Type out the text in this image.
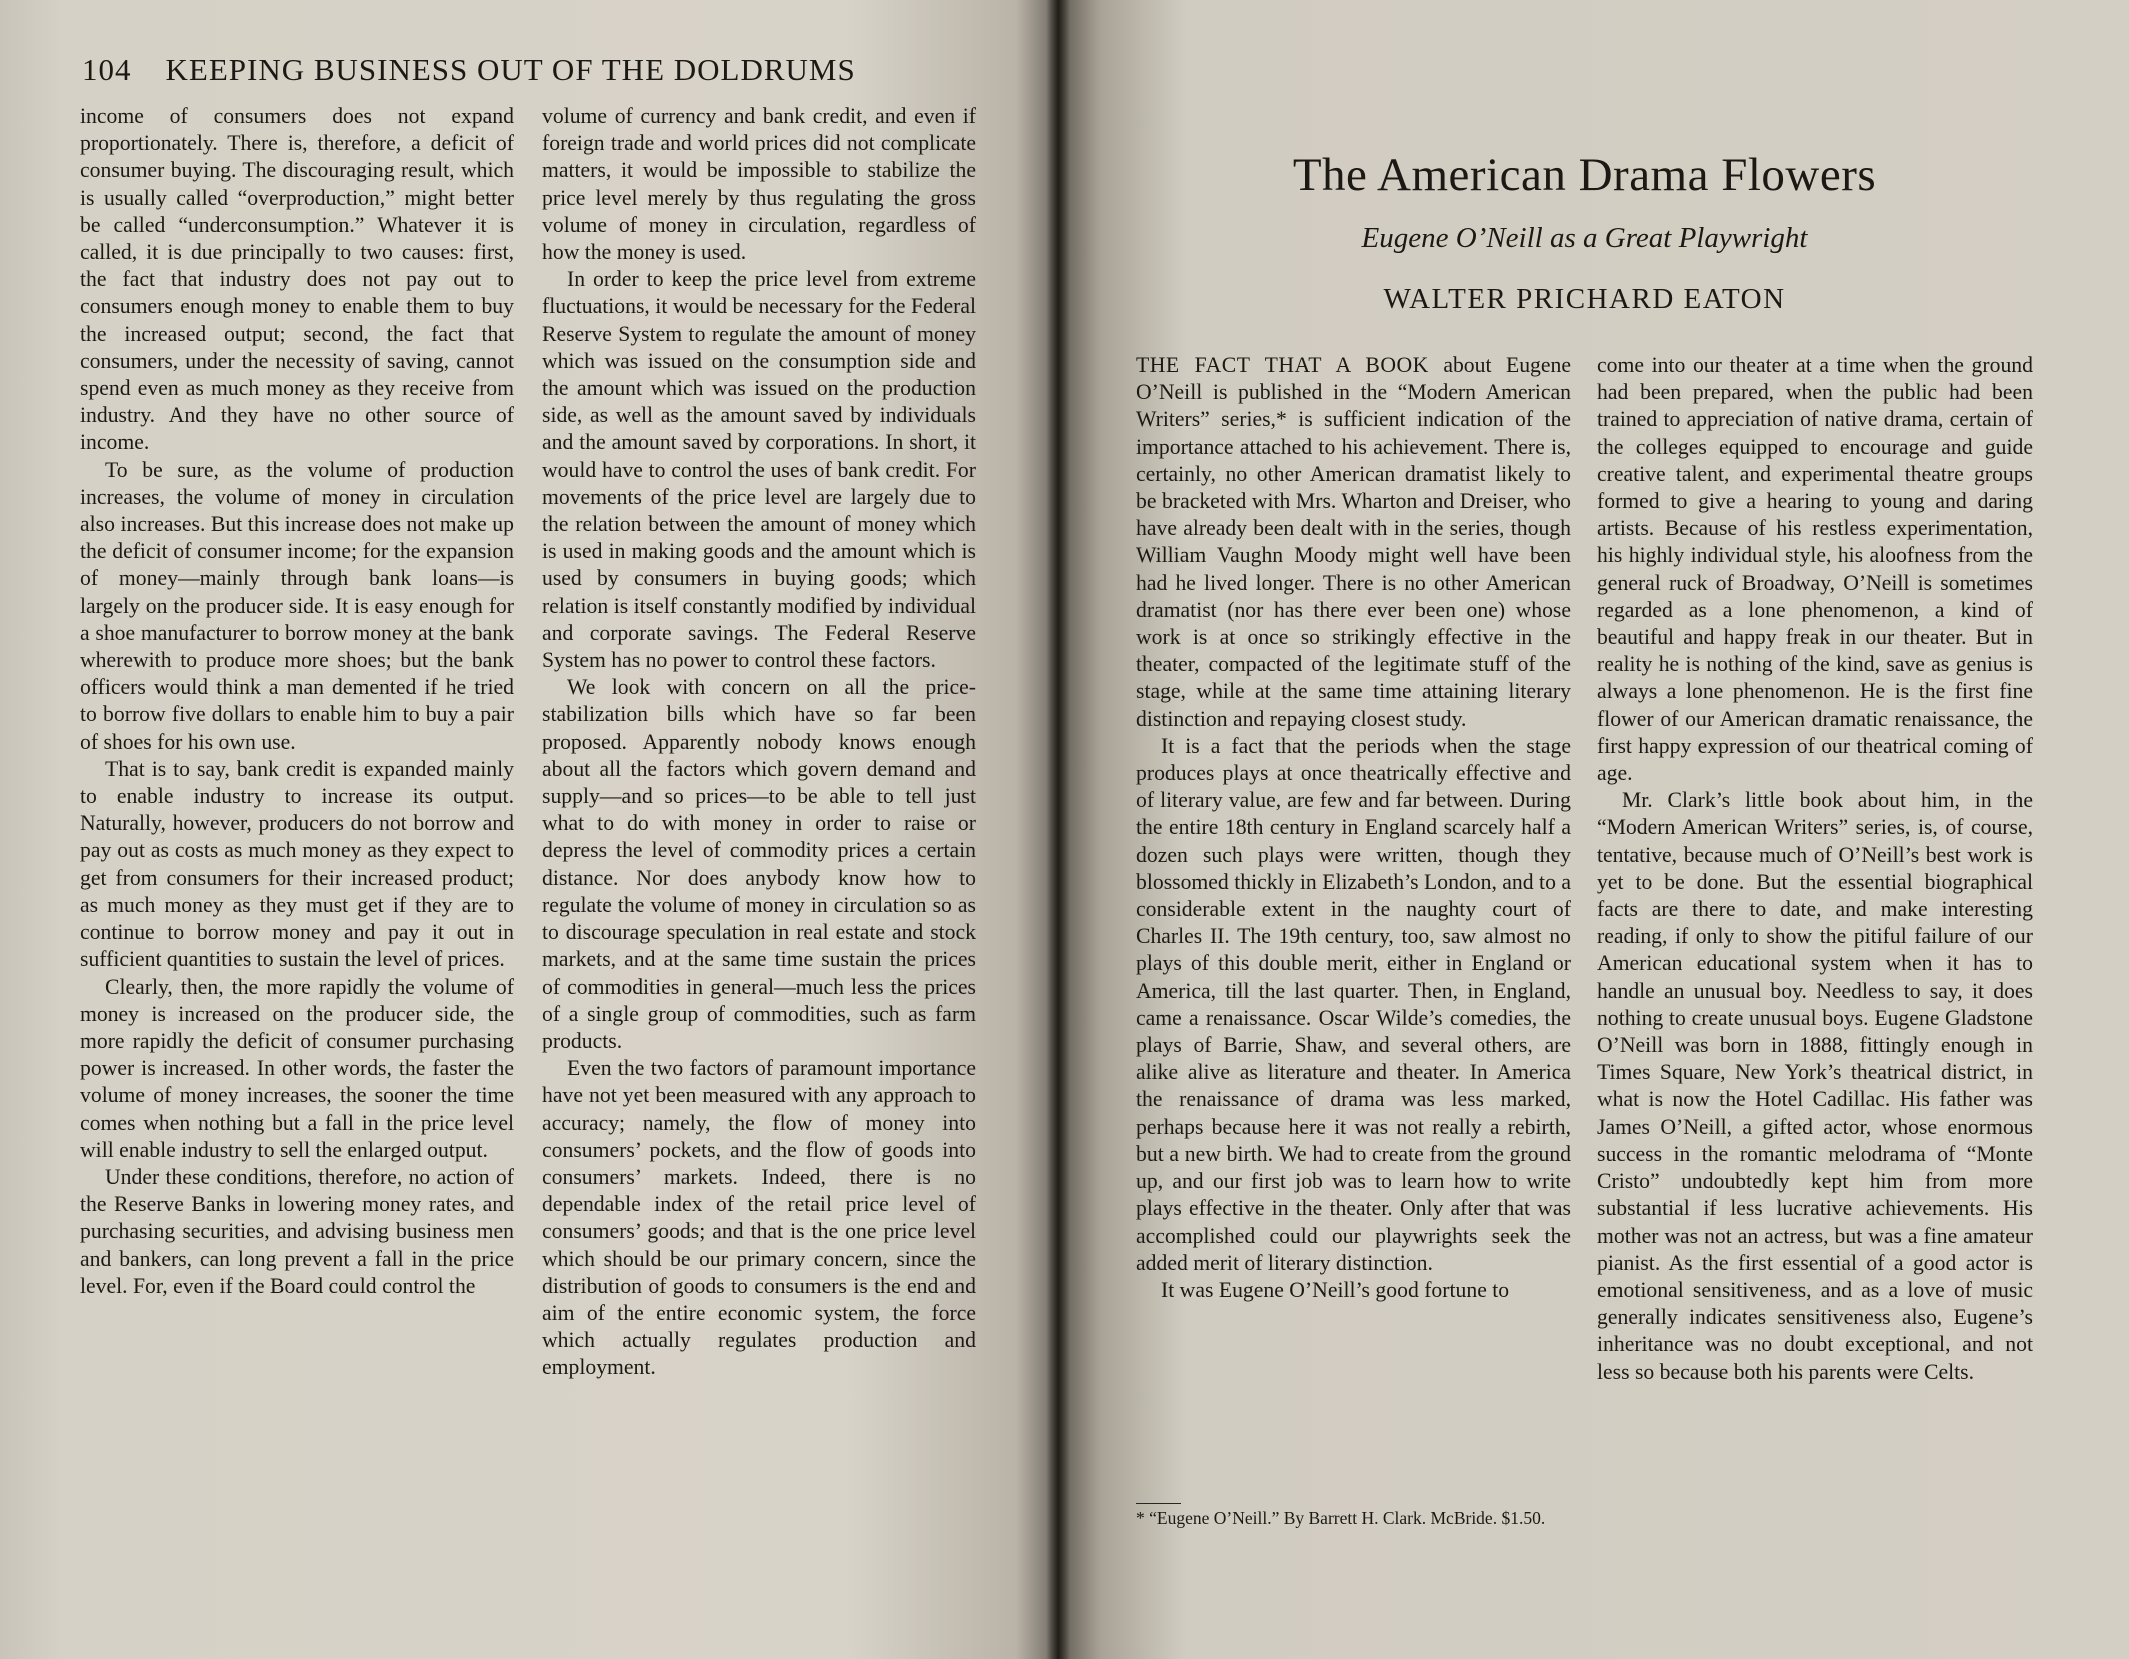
104 KEEPING BUSINESS OUT OF THE DOLDRUMS

income of consumers does not expand proportionately. There is, therefore, a deficit of consumer buying. The discouraging result, which is usually called “overproduction,” might better be called “underconsumption.” Whatever it is called, it is due principally to two causes: first, the fact that industry does not pay out to consumers enough money to enable them to buy the increased output; second, the fact that consumers, under the necessity of saving, cannot spend even as much money as they receive from industry. And they have no other source of income.

To be sure, as the volume of production increases, the volume of money in circulation also increases. But this increase does not make up the deficit of consumer income; for the expansion of money—mainly through bank loans—is largely on the producer side. It is easy enough for a shoe manufacturer to borrow money at the bank wherewith to produce more shoes; but the bank officers would think a man demented if he tried to borrow five dollars to enable him to buy a pair of shoes for his own use.

That is to say, bank credit is expanded mainly to enable industry to increase its output. Naturally, however, producers do not borrow and pay out as costs as much money as they expect to get from consumers for their increased product; as much money as they must get if they are to continue to borrow money and pay it out in sufficient quantities to sustain the level of prices.

Clearly, then, the more rapidly the volume of money is increased on the producer side, the more rapidly the deficit of consumer purchasing power is increased. In other words, the faster the volume of money increases, the sooner the time comes when nothing but a fall in the price level will enable industry to sell the enlarged output.

Under these conditions, therefore, no action of the Reserve Banks in lowering money rates, and purchasing securities, and advising business men and bankers, can long prevent a fall in the price level. For, even if the Board could control the

volume of currency and bank credit, and even if foreign trade and world prices did not complicate matters, it would be impossible to stabilize the price level merely by thus regulating the gross volume of money in circulation, regardless of how the money is used.

In order to keep the price level from extreme fluctuations, it would be necessary for the Federal Reserve System to regulate the amount of money which was issued on the consumption side and the amount which was issued on the production side, as well as the amount saved by individuals and the amount saved by corporations. In short, it would have to control the uses of bank credit. For movements of the price level are largely due to the relation between the amount of money which is used in making goods and the amount which is used by consumers in buying goods; which relation is itself constantly modified by individual and corporate savings. The Federal Reserve System has no power to control these factors.

We look with concern on all the price-stabilization bills which have so far been proposed. Apparently nobody knows enough about all the factors which govern demand and supply—and so prices—to be able to tell just what to do with money in order to raise or depress the level of commodity prices a certain distance. Nor does anybody know how to regulate the volume of money in circulation so as to discourage speculation in real estate and stock markets, and at the same time sustain the prices of commodities in general—much less the prices of a single group of commodities, such as farm products.

Even the two factors of paramount importance have not yet been measured with any approach to accuracy; namely, the flow of money into consumers’ pockets, and the flow of goods into consumers’ markets. Indeed, there is no dependable index of the retail price level of consumers’ goods; and that is the one price level which should be our primary concern, since the distribution of goods to consumers is the end and aim of the entire economic system, the force which actually regulates production and employment.

The American Drama Flowers
Eugene O’Neill as a Great Playwright
WALTER PRICHARD EATON

THE FACT THAT A BOOK about Eugene O’Neill is published in the “Modern American Writers” series,* is sufficient indication of the importance attached to his achievement. There is, certainly, no other American dramatist likely to be bracketed with Mrs. Wharton and Dreiser, who have already been dealt with in the series, though William Vaughn Moody might well have been had he lived longer. There is no other American dramatist (nor has there ever been one) whose work is at once so strikingly effective in the theater, compacted of the legitimate stuff of the stage, while at the same time attaining literary distinction and repaying closest study.

It is a fact that the periods when the stage produces plays at once theatrically effective and of literary value, are few and far between. During the entire 18th century in England scarcely half a dozen such plays were written, though they blossomed thickly in Elizabeth’s London, and to a considerable extent in the naughty court of Charles II. The 19th century, too, saw almost no plays of this double merit, either in England or America, till the last quarter. Then, in England, came a renaissance. Oscar Wilde’s comedies, the plays of Barrie, Shaw, and several others, are alike alive as literature and theater. In America the renaissance of drama was less marked, perhaps because here it was not really a rebirth, but a new birth. We had to create from the ground up, and our first job was to learn how to write plays effective in the theater. Only after that was accomplished could our playwrights seek the added merit of literary distinction.

It was Eugene O’Neill’s good fortune to

* “Eugene O’Neill.” By Barrett H. Clark. McBride. $1.50.

come into our theater at a time when the ground had been prepared, when the public had been trained to appreciation of native drama, certain of the colleges equipped to encourage and guide creative talent, and experimental theatre groups formed to give a hearing to young and daring artists. Because of his restless experimentation, his highly individual style, his aloofness from the general ruck of Broadway, O’Neill is sometimes regarded as a lone phenomenon, a kind of beautiful and happy freak in our theater. But in reality he is nothing of the kind, save as genius is always a lone phenomenon. He is the first fine flower of our American dramatic renaissance, the first happy expression of our theatrical coming of age.

Mr. Clark’s little book about him, in the “Modern American Writers” series, is, of course, tentative, because much of O’Neill’s best work is yet to be done. But the essential biographical facts are there to date, and make interesting reading, if only to show the pitiful failure of our American educational system when it has to handle an unusual boy. Needless to say, it does nothing to create unusual boys. Eugene Gladstone O’Neill was born in 1888, fittingly enough in Times Square, New York’s theatrical district, in what is now the Hotel Cadillac. His father was James O’Neill, a gifted actor, whose enormous success in the romantic melodrama of “Monte Cristo” undoubtedly kept him from more substantial if less lucrative achievements. His mother was not an actress, but was a fine amateur pianist. As the first essential of a good actor is emotional sensitiveness, and as a love of music generally indicates sensitiveness also, Eugene’s inheritance was no doubt exceptional, and not less so because both his parents were Celts.
